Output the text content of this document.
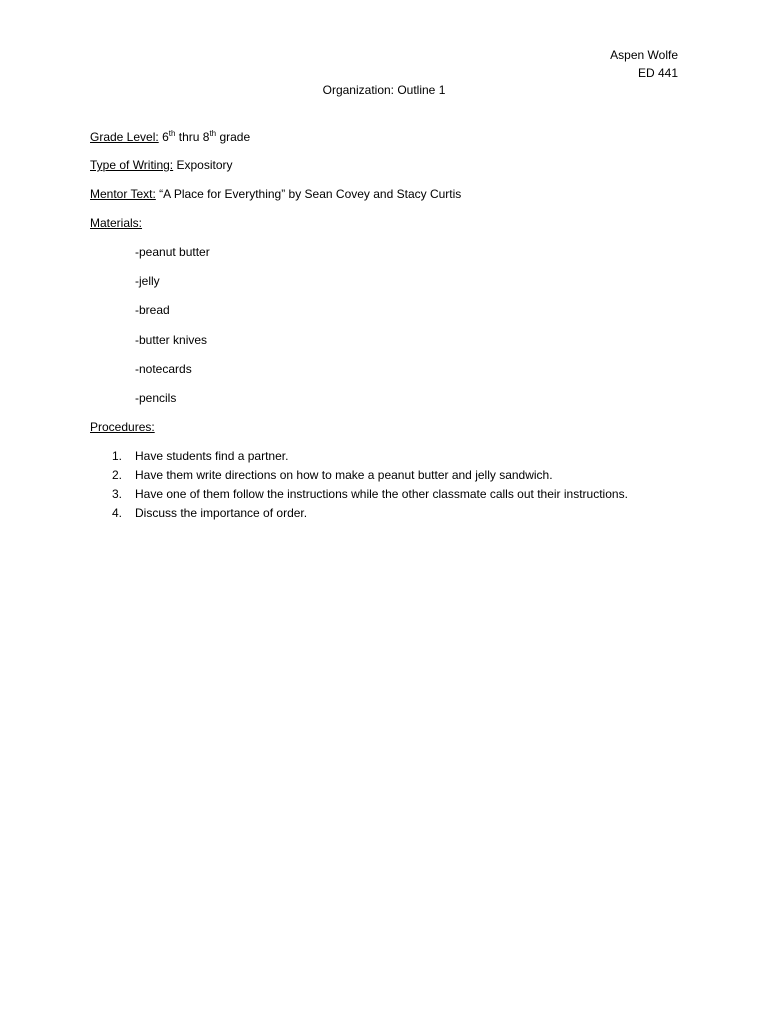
Aspen Wolfe
ED 441
Organization: Outline 1
Grade Level: 6th thru 8th grade
Type of Writing: Expository
Mentor Text: “A Place for Everything” by Sean Covey and Stacy Curtis
Materials:
-peanut butter
-jelly
-bread
-butter knives
-notecards
-pencils
Procedures:
1.	Have students find a partner.
2.	Have them write directions on how to make a peanut butter and jelly sandwich.
3.	Have one of them follow the instructions while the other classmate calls out their instructions.
4.	Discuss the importance of order.
